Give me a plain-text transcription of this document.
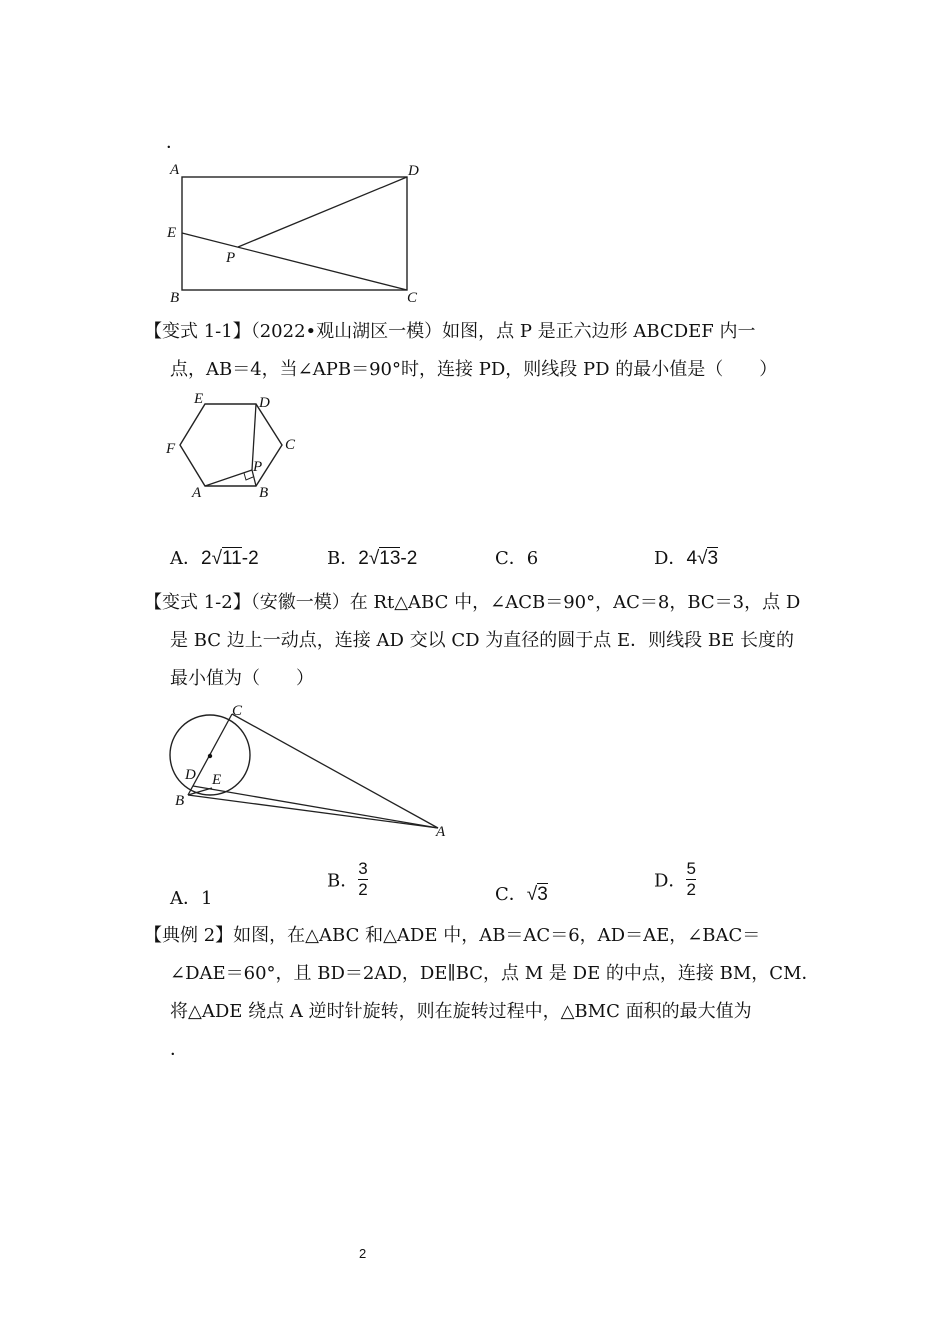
．
A	D
E
P
B	C
【变式 1-1】（2022•观山湖区一模）如图，点 P 是正六边形 ABCDEF 内一
点，AB＝4，当∠APB＝90°时，连接 PD，则线段 PD 的最小值是（　　）
E	D
F	C
P
A	B
A．2√11-2	B．2√13-2	C．6	D．4√3
【变式 1-2】（安徽一模）在 Rt△ABC 中，∠ACB＝90°，AC＝8，BC＝3，点 D
是 BC 边上一动点，连接 AD 交以 CD 为直径的圆于点 E．则线段 BE 长度的
最小值为（　　）
C
D E
B
A
A．1
B．$\frac{3}{2}$	C．√3
D．$\frac{5}{2}$
【典例 2】如图，在△ABC 和△ADE 中，AB＝AC＝6，AD＝AE，∠BAC＝
∠DAE＝60°，且 BD＝2AD，DE∥BC，点 M 是 DE 的中点，连接 BM，CM．
将△ADE 绕点 A 逆时针旋转，则在旋转过程中，△BMC 面积的最大值为
．
2
